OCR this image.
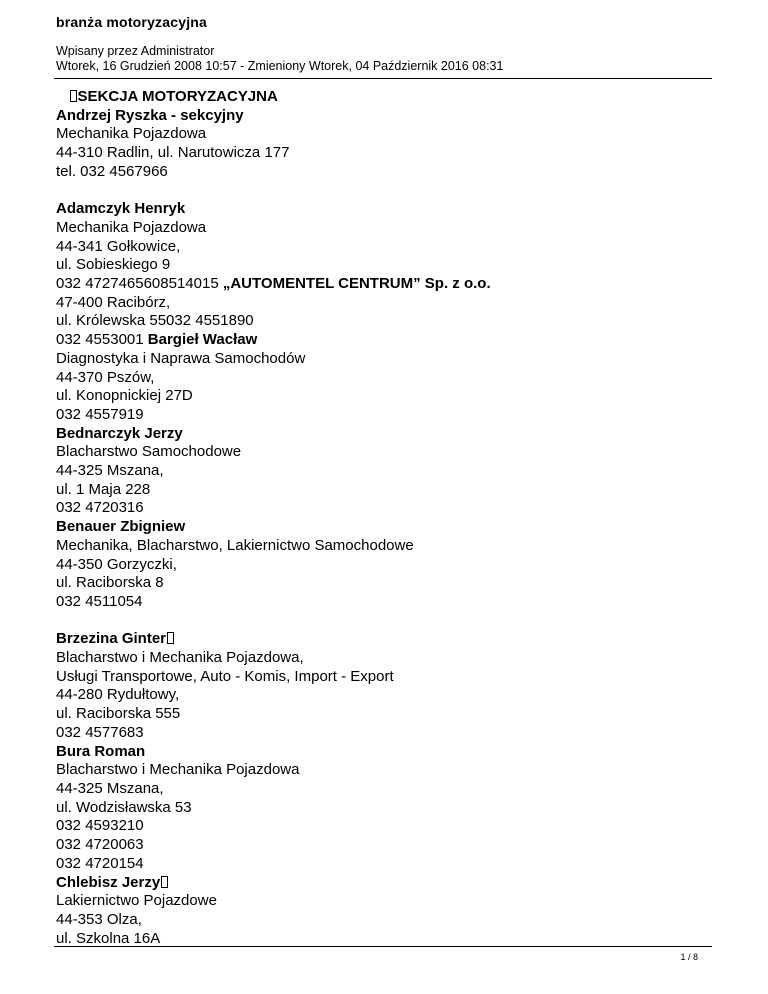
branża motoryzacyjna
Wpisany przez Administrator
Wtorek, 16 Grudzień 2008 10:57 - Zmieniony Wtorek, 04 Październik 2016 08:31
SEKCJA MOTORYZACYJNA
Andrzej Ryszka - sekcyjny
Mechanika Pojazdowa
44-310 Radlin, ul. Narutowicza 177
tel. 032 4567966
Adamczyk Henryk
Mechanika Pojazdowa
44-341 Gołkowice,
ul. Sobieskiego 9
032 4727465608514015 „AUTOMENTEL CENTRUM” Sp. z o.o.
47-400 Racibórz,
ul. Królewska 55032 4551890
032 4553001 Bargieł Wacław
Diagnostyka i Naprawa Samochodów
44-370 Pszów,
ul. Konopnickiej 27D
032 4557919
Bednarczyk Jerzy
Blacharstwo Samochodowe
44-325 Mszana,
ul. 1 Maja 228
032 4720316
Benauer Zbigniew
Mechanika, Blacharstwo, Lakiernictwo Samochodowe
44-350 Gorzyczki,
ul. Raciborska 8
032 4511054
Brzezina Ginter
Blacharstwo i Mechanika Pojazdowa,
Usługi Transportowe, Auto - Komis, Import - Export
44-280 Rydułtowy,
ul. Raciborska 555
032 4577683
Bura Roman
Blacharstwo i Mechanika Pojazdowa
44-325 Mszana,
ul. Wodzisławska 53
032 4593210
032 4720063
032 4720154
Chlebisz Jerzy
Lakiernictwo Pojazdowe
44-353 Olza,
ul. Szkolna 16A
1 / 8
